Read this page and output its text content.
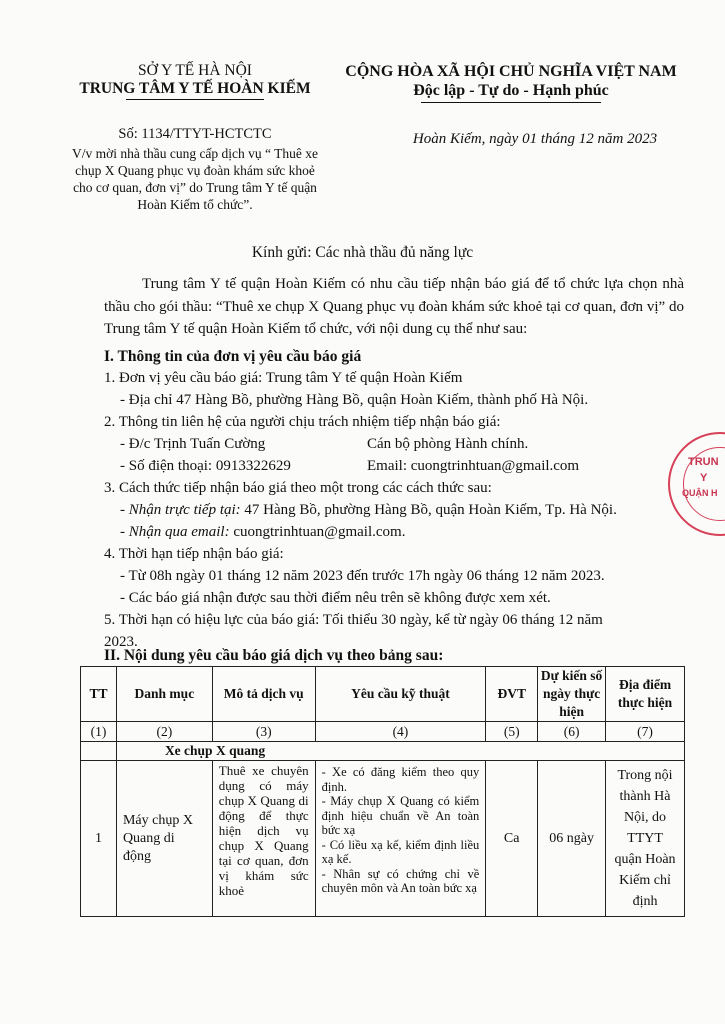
SỞ Y TẾ HÀ NỘI
TRUNG TÂM Y TẾ HOÀN KIẾM
CỘNG HÒA XÃ HỘI CHỦ NGHĨA VIỆT NAM
Độc lập - Tự do - Hạnh phúc
Số: 1134/TTYT-HCTCTC
V/v mời nhà thầu cung cấp dịch vụ “ Thuê xe
chụp X Quang phục vụ đoàn khám sức khoẻ
cho cơ quan, đơn vị” do Trung tâm Y tế quận
Hoàn Kiếm tổ chức”.
Hoàn Kiếm, ngày 01 tháng 12 năm 2023
Kính gửi: Các nhà thầu đủ năng lực
Trung tâm Y tế quận Hoàn Kiếm có nhu cầu tiếp nhận báo giá để tổ chức lựa chọn nhà thầu cho gói thầu: “Thuê xe chụp X Quang phục vụ đoàn khám sức khoẻ tại cơ quan, đơn vị” do Trung tâm Y tế quận Hoàn Kiếm tổ chức, với nội dung cụ thể như sau:
I. Thông tin của đơn vị yêu cầu báo giá
1. Đơn vị yêu cầu báo giá: Trung tâm Y tế quận Hoàn Kiếm
- Địa chỉ 47 Hàng Bồ, phường Hàng Bồ, quận Hoàn Kiếm, thành phố Hà Nội.
2. Thông tin liên hệ của người chịu trách nhiệm tiếp nhận báo giá:
- Đ/c Trịnh Tuấn Cường	Cán bộ phòng Hành chính.
- Số điện thoại: 0913322629	Email: cuongtrinhtuan@gmail.com
3. Cách thức tiếp nhận báo giá theo một trong các cách thức sau:
- Nhận trực tiếp tại: 47 Hàng Bồ, phường Hàng Bồ, quận Hoàn Kiếm, Tp. Hà Nội.
- Nhận qua email: cuongtrinhtuan@gmail.com.
4. Thời hạn tiếp nhận báo giá:
- Từ 08h ngày 01 tháng 12 năm 2023 đến trước 17h ngày 06 tháng 12 năm 2023.
- Các báo giá nhận được sau thời điểm nêu trên sẽ không được xem xét.
5. Thời hạn có hiệu lực của báo giá: Tối thiểu 30 ngày, kể từ ngày 06 tháng 12 năm
2023.
II. Nội dung yêu cầu báo giá dịch vụ theo bảng sau:
TT	Danh mục	Mô tả dịch vụ	Yêu cầu kỹ thuật	ĐVT	Dự kiến số ngày thực hiện	Địa điểm thực hiện
(1)	(2)	(3)	(4)	(5)	(6)	(7)
	Xe chụp X quang					
1	Máy chụp X Quang di động	Thuê xe chuyên dụng có máy chụp X Quang di động để thực hiện dịch vụ chụp X Quang tại cơ quan, đơn vị khám sức khoẻ	- Xe có đăng kiểm theo quy định.
- Máy chụp X Quang có kiểm định hiệu chuẩn về An toàn bức xạ
- Có liều xạ kế, kiểm định liều xạ kế.
- Nhân sự có chứng chỉ về chuyên môn và An toàn bức xạ	Ca	06 ngày	Trong nội thành Hà Nội, do TTYT quận Hoàn Kiếm chỉ định
TRUN
Y
QUẬN H
